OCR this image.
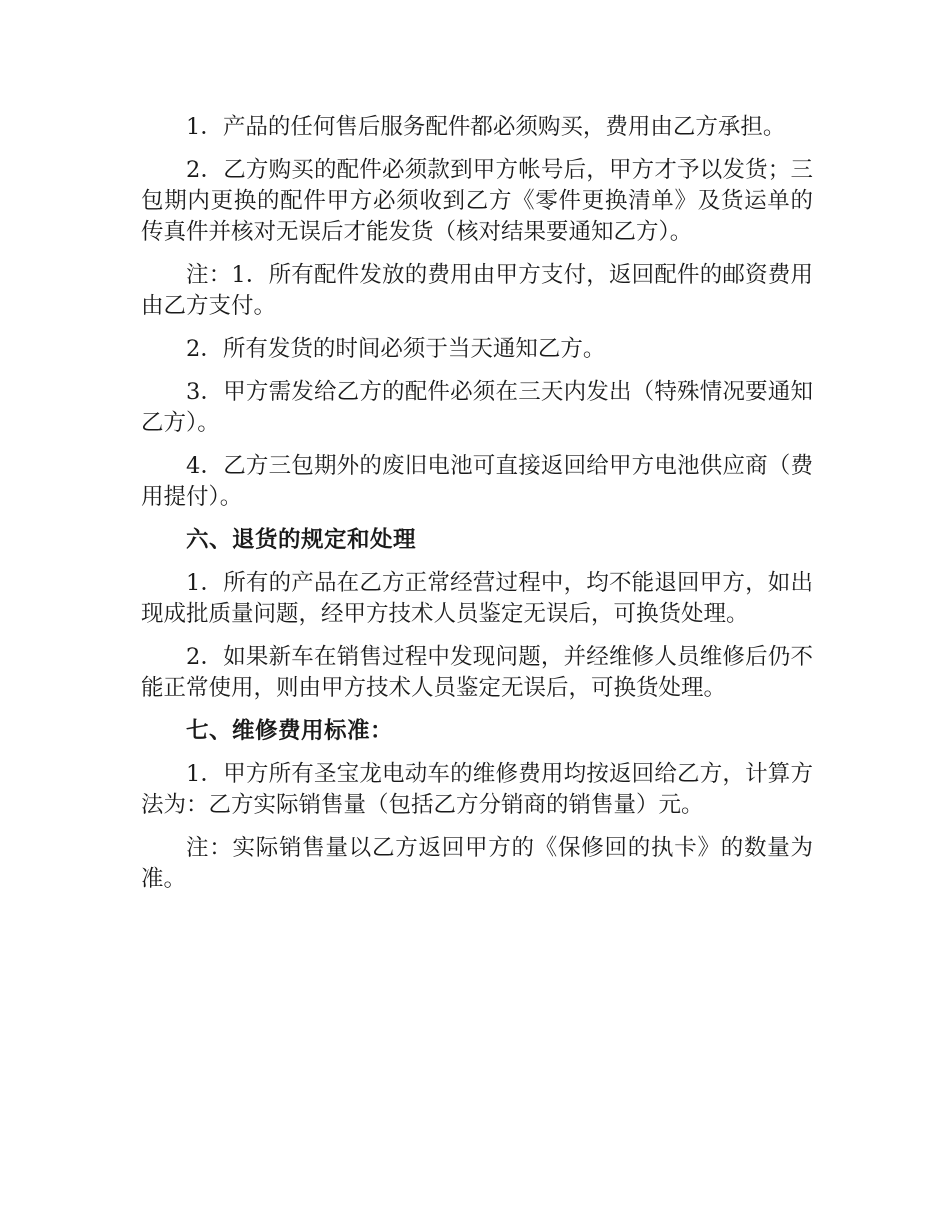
1．产品的任何售后服务配件都必须购买，费用由乙方承担。

2．乙方购买的配件必须款到甲方帐号后，甲方才予以发货；三包期内更换的配件甲方必须收到乙方《零件更换清单》及货运单的传真件并核对无误后才能发货（核对结果要通知乙方）。

注：1．所有配件发放的费用由甲方支付，返回配件的邮资费用由乙方支付。

2．所有发货的时间必须于当天通知乙方。

3．甲方需发给乙方的配件必须在三天内发出（特殊情况要通知乙方）。

4．乙方三包期外的废旧电池可直接返回给甲方电池供应商（费用提付）。

六、退货的规定和处理

1．所有的产品在乙方正常经营过程中，均不能退回甲方，如出现成批质量问题，经甲方技术人员鉴定无误后，可换货处理。

2．如果新车在销售过程中发现问题，并经维修人员维修后仍不能正常使用，则由甲方技术人员鉴定无误后，可换货处理。

七、维修费用标准：

1．甲方所有圣宝龙电动车的维修费用均按返回给乙方，计算方法为：乙方实际销售量（包括乙方分销商的销售量）元。

注：实际销售量以乙方返回甲方的《保修回的执卡》的数量为准。
